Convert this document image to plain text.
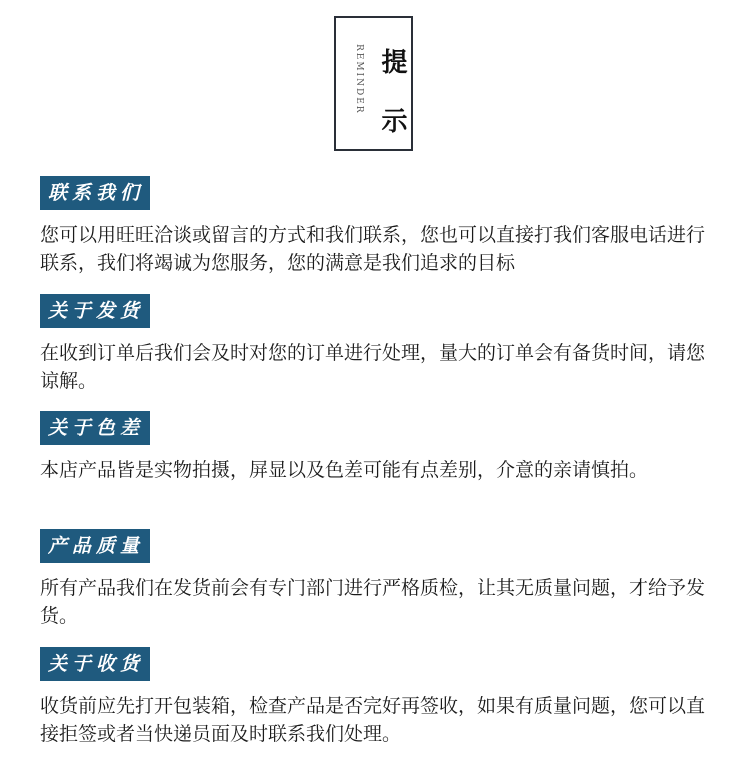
REMINDER 提 示
联系我们
您可以用旺旺洽谈或留言的方式和我们联系，您也可以直接打我们客服电话进行联系，我们将竭诚为您服务，您的满意是我们追求的目标
关于发货
在收到订单后我们会及时对您的订单进行处理，量大的订单会有备货时间，请您谅解。
关于色差
本店产品皆是实物拍摄，屏显以及色差可能有点差别，介意的亲请慎拍。
产品质量
所有产品我们在发货前会有专门部门进行严格质检，让其无质量问题，才给予发货。
关于收货
收货前应先打开包装箱，检查产品是否完好再签收，如果有质量问题，您可以直接拒签或者当快递员面及时联系我们处理。
